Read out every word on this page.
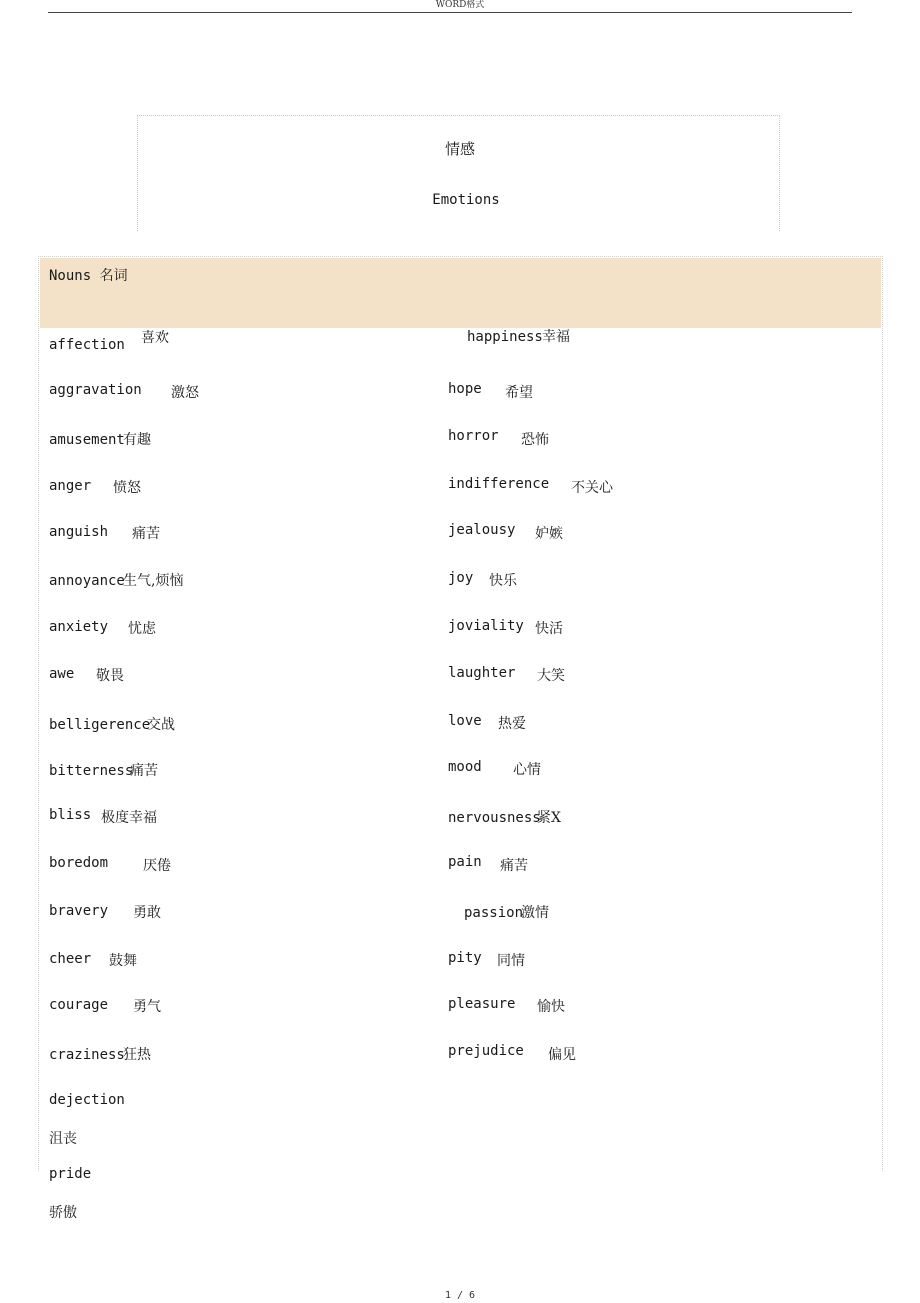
WORD格式
情感
Emotions
Nouns 名词
affection 喜欢
aggravation 激怒
amusement
有趣
anger 愤怒
anguish 痛苦
annoyance
生气,烦恼
anxiety 忧虑
awe 敬畏
belligerence
交战
bitterness
痛苦
bliss 极度幸福
boredom 厌倦
bravery 勇敢
cheer 鼓舞
courage 勇气
craziness
狂热
dejection
沮丧
pride
骄傲
happiness 幸福
hope 希望
horror 恐怖
indifference 不关心
jealousy 妒嫉
joy 快乐
joviality 快活
laughter 大笑
love 热爱
mood 心情
nervousness
紧X
pain 痛苦
passion
激情
pity 同情
pleasure 愉快
prejudice 偏见
1 / 6
